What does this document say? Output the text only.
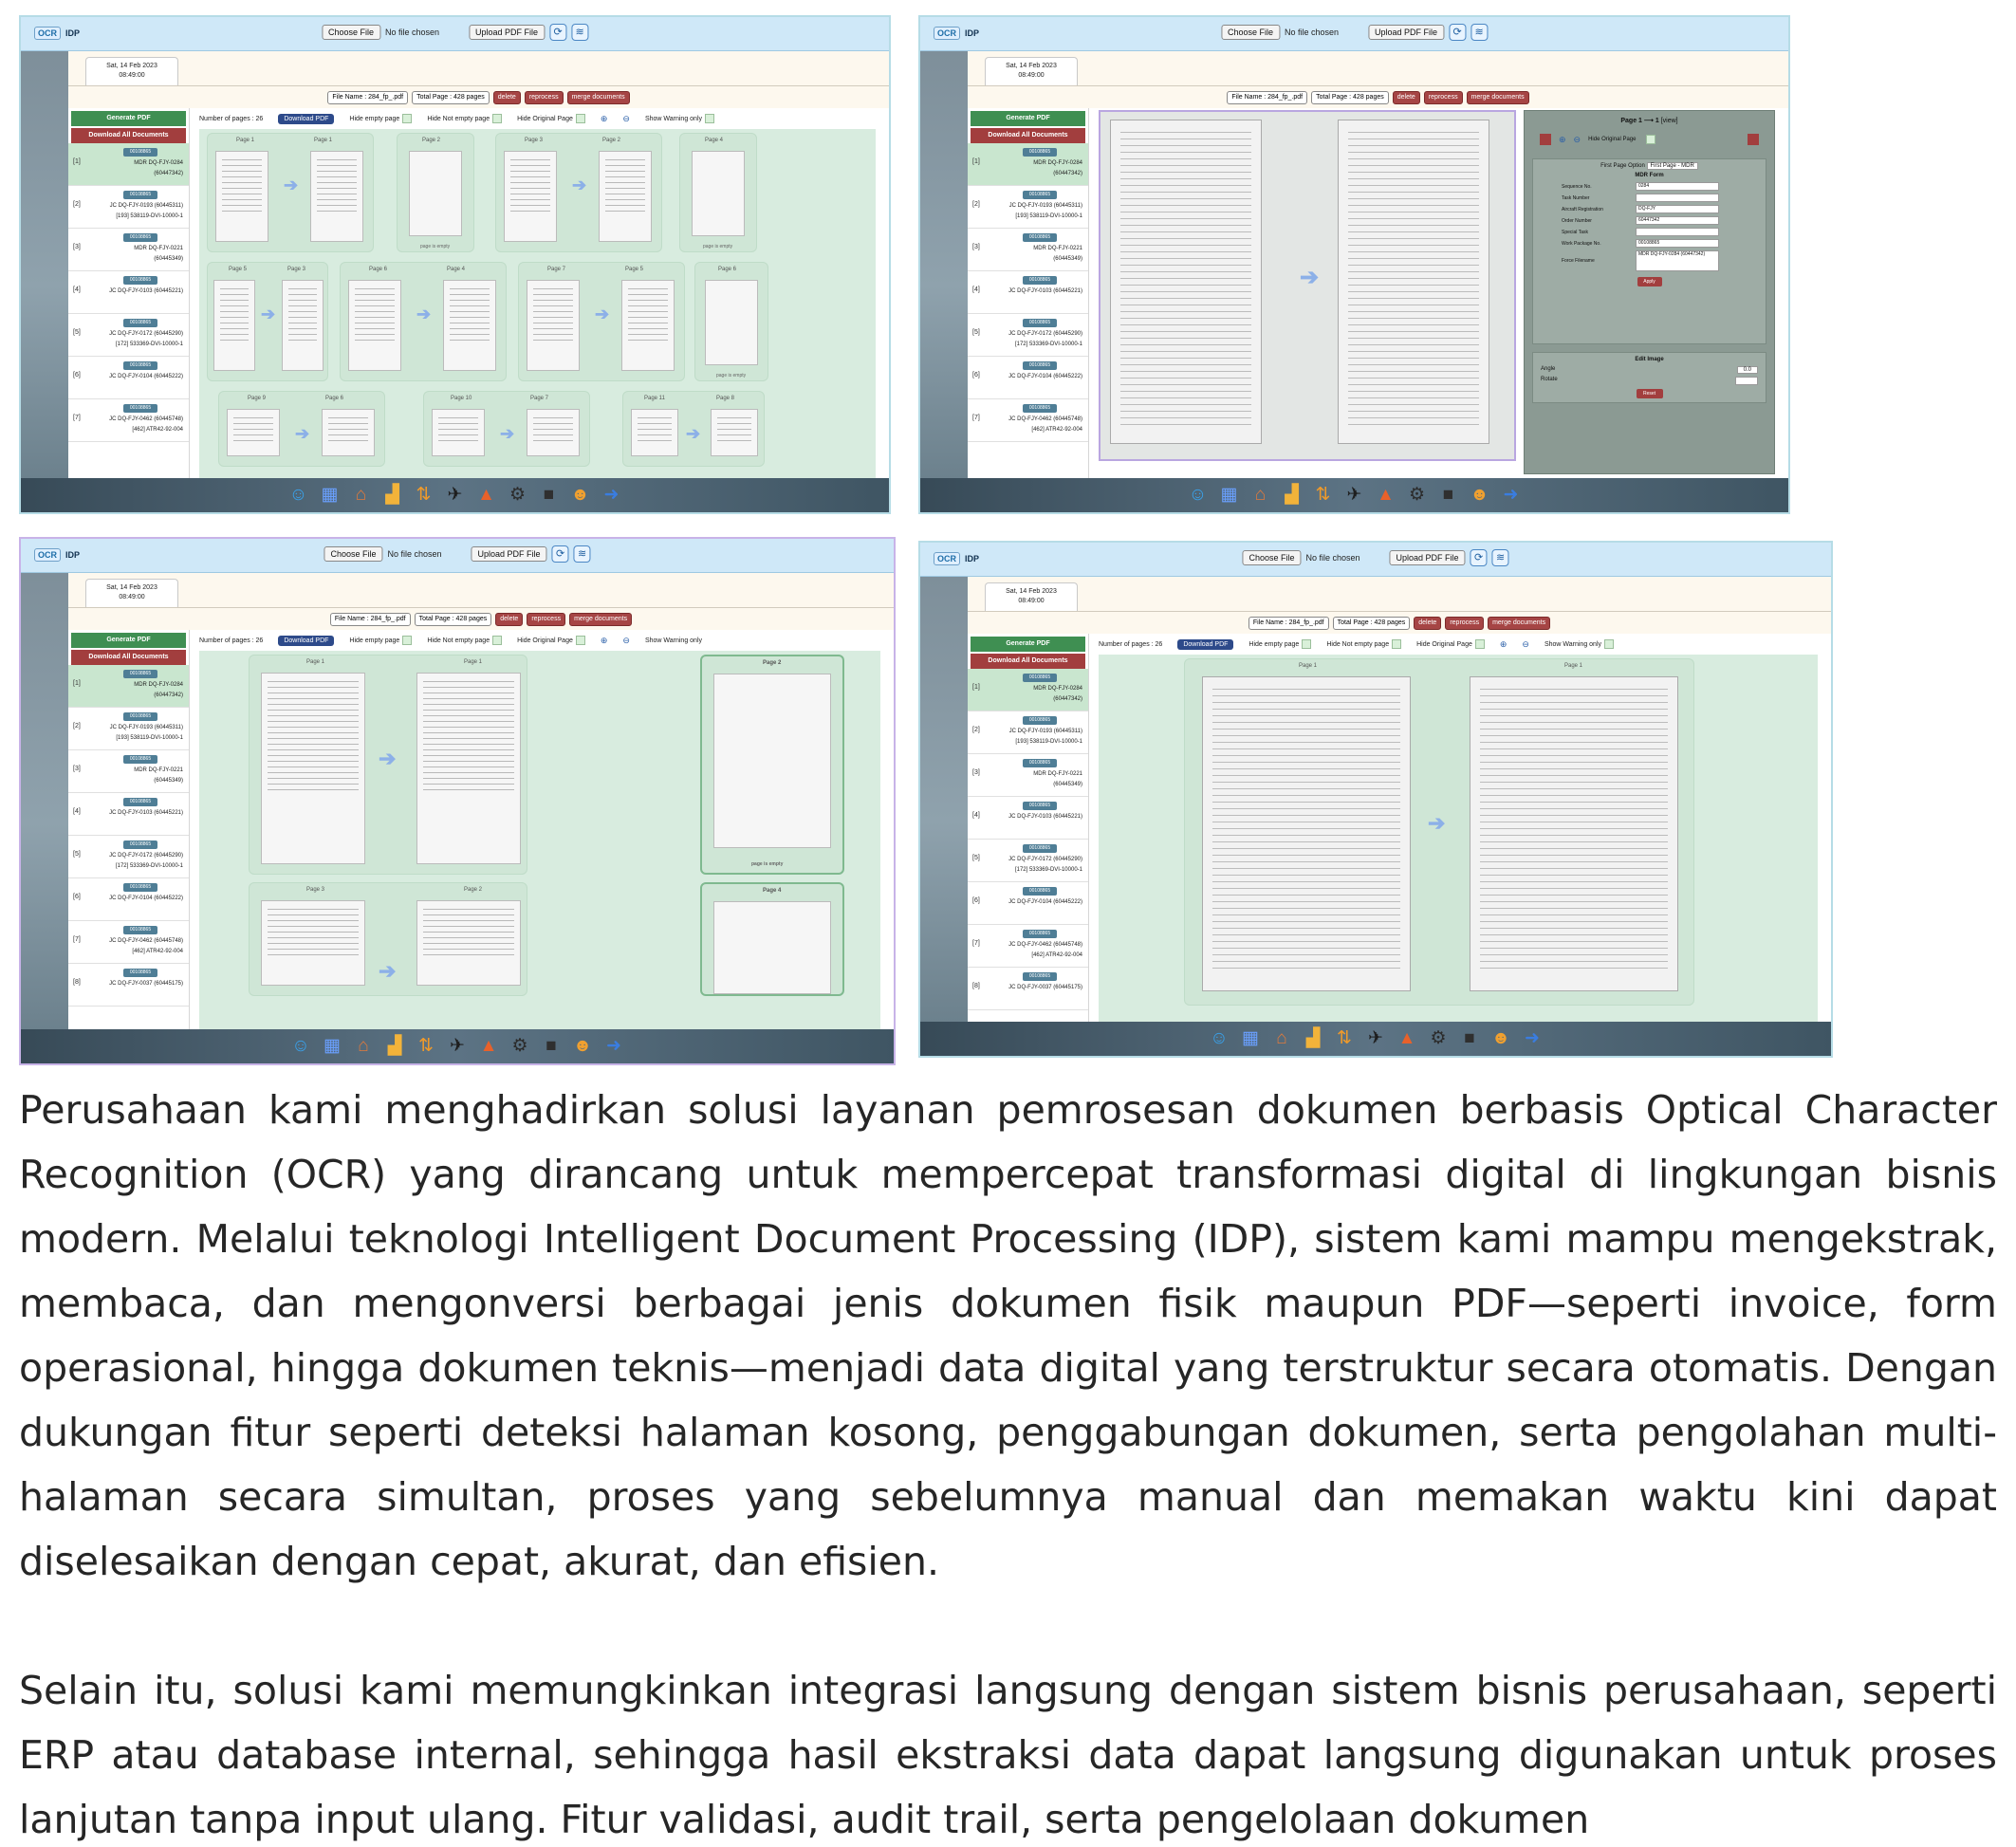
OCR	IDP	Choose File	No file chosen	Upload PDF File	⟳	≋
Sat, 14 Feb 2023
08:49:00
File Name : 284_fp_.pdf	Total Page : 428 pages	delete	reprocess	merge documents
Generate PDF
Download All Documents
[1]
00108865
MDR DQ-FJY-0284
(60447342)
[2]
00108865
JC DQ-FJY-0193 (60445311)
[193] 538119-DVI-10000-1
[3]
00108865
MDR DQ-FJY-0221
(60445349)
[4]
00108865
JC DQ-FJY-0103 (60445221)
[5]
00108865
JC DQ-FJY-0172 (60445290)
[172] 533369-DVI-10000-1
[6]
00108865
JC DQ-FJY-0104 (60445222)
[7]
00108865
JC DQ-FJY-0462 (60445748)
[462] ATR42-92-004
Number of pages : 26	Download PDF	Hide empty page	Hide Not empty page	Hide Original Page	⊕ ⊖ Show Warning only
Page 1	Page 1
➔
Page 2
page is empty
Page 3	Page 2
➔
Page 4
page is empty
Page 5	Page 3
➔
Page 6	Page 4
➔
Page 7	Page 5
➔
Page 6
page is empty
Page 9	Page 6
➔
Page 10	Page 7
➔
Page 11	Page 8
➔
☺ ▦ ⌂	▟ ⇅ ✈ ▲ ⚙ ■ ☻ ➜
OCR	IDP	Choose File	No file chosen	Upload PDF File	⟳	≋
Sat, 14 Feb 2023
08:49:00
File Name : 284_fp_.pdf	Total Page : 428 pages	delete	reprocess	merge documents
Generate PDF
Download All Documents
[1]
00108865
MDR DQ-FJY-0284
(60447342)
[2]
00108865
JC DQ-FJY-0193 (60445311)
[193] 538119-DVI-10000-1
[3]
00108865
MDR DQ-FJY-0221
(60445349)
[4]
00108865
JC DQ-FJY-0103 (60445221)
[5]
00108865
JC DQ-FJY-0172 (60445290)
[172] 533369-DVI-10000-1
[6]
00108865
JC DQ-FJY-0104 (60445222)
[7]
00108865
JC DQ-FJY-0462 (60445748)
[462] ATR42-92-004
➔
Page 1 ⟶ 1 [view]
⊕ ⊖ Hide Original Page
First Page Option First Page - MDR
MDR Form
Sequence No.	0284
Task Number
Aircraft Registration	DQ-FJY
Order Number	60447342
Special Task
Work Package No.	00108865
Force Filename
MDR DQ-FJY-0284 (60447342)
Apply
Edit Image
Angle	0.0
Rotate
Reset
☺ ▦ ⌂	▟ ⇅ ✈ ▲ ⚙ ■ ☻ ➜
OCR	IDP	Choose File	No file chosen	Upload PDF File	⟳	≋
Sat, 14 Feb 2023
08:49:00
File Name : 284_fp_.pdf	Total Page : 428 pages	delete	reprocess	merge documents
Generate PDF
Download All Documents
[1]
00108865
MDR DQ-FJY-0284
(60447342)
[2]
00108865
JC DQ-FJY-0193 (60445311)
[193] 538119-DVI-10000-1
[3]
00108865
MDR DQ-FJY-0221
(60445349)
[4]
00108865
JC DQ-FJY-0103 (60445221)
[5]
00108865
JC DQ-FJY-0172 (60445290)
[172] 533369-DVI-10000-1
[6]
00108865
JC DQ-FJY-0104 (60445222)
[7]
00108865
JC DQ-FJY-0462 (60445748)
[462] ATR42-92-004
[8]
00108865
JC DQ-FJY-0037 (60445175)
Number of pages : 26	Download PDF	Hide empty page	Hide Not empty page	Hide Original Page	⊕ ⊖ Show Warning only
Page 1	Page 1
➔
Page 2
page is empty
Page 3	Page 2
➔
Page 4
☺ ▦ ⌂	▟ ⇅ ✈ ▲ ⚙ ■ ☻ ➜
OCR	IDP	Choose File	No file chosen	Upload PDF File	⟳	≋
Sat, 14 Feb 2023
08:49:00
File Name : 284_fp_.pdf	Total Page : 428 pages	delete	reprocess	merge documents
Generate PDF
Download All Documents
[1]
00108865
MDR DQ-FJY-0284
(60447342)
[2]
00108865
JC DQ-FJY-0193 (60445311)
[193] 538119-DVI-10000-1
[3]
00108865
MDR DQ-FJY-0221
(60445349)
[4]
00108865
JC DQ-FJY-0103 (60445221)
[5]
00108865
JC DQ-FJY-0172 (60445290)
[172] 533369-DVI-10000-1
[6]
00108865
JC DQ-FJY-0104 (60445222)
[7]
00108865
JC DQ-FJY-0462 (60445748)
[462] ATR42-92-004
[8]
00108865
JC DQ-FJY-0037 (60445175)
Number of pages : 26	Download PDF	Hide empty page	Hide Not empty page	Hide Original Page	⊕ ⊖ Show Warning only
Page 1	Page 1
➔
☺ ▦ ⌂	▟ ⇅ ✈ ▲ ⚙ ■ ☻ ➜

Perusahaan kami menghadirkan solusi layanan pemrosesan dokumen berbasis Optical Character Recognition (OCR) yang dirancang untuk mempercepat transformasi digital di lingkungan bisnis modern. Melalui teknologi Intelligent Document Processing (IDP), sistem kami mampu mengekstrak, membaca, dan mengonversi berbagai jenis dokumen fisik maupun PDF—seperti invoice, form operasional, hingga dokumen teknis—menjadi data digital yang terstruktur secara otomatis. Dengan dukungan fitur seperti deteksi halaman kosong, penggabungan dokumen, serta pengolahan multi-halaman secara simultan, proses yang sebelumnya manual dan memakan waktu kini dapat diselesaikan dengan cepat, akurat, dan efisien.

Selain itu, solusi kami memungkinkan integrasi langsung dengan sistem bisnis perusahaan, seperti ERP atau database internal, sehingga hasil ekstraksi data dapat langsung digunakan untuk proses lanjutan tanpa input ulang. Fitur validasi, audit trail, serta pengelolaan dokumen
